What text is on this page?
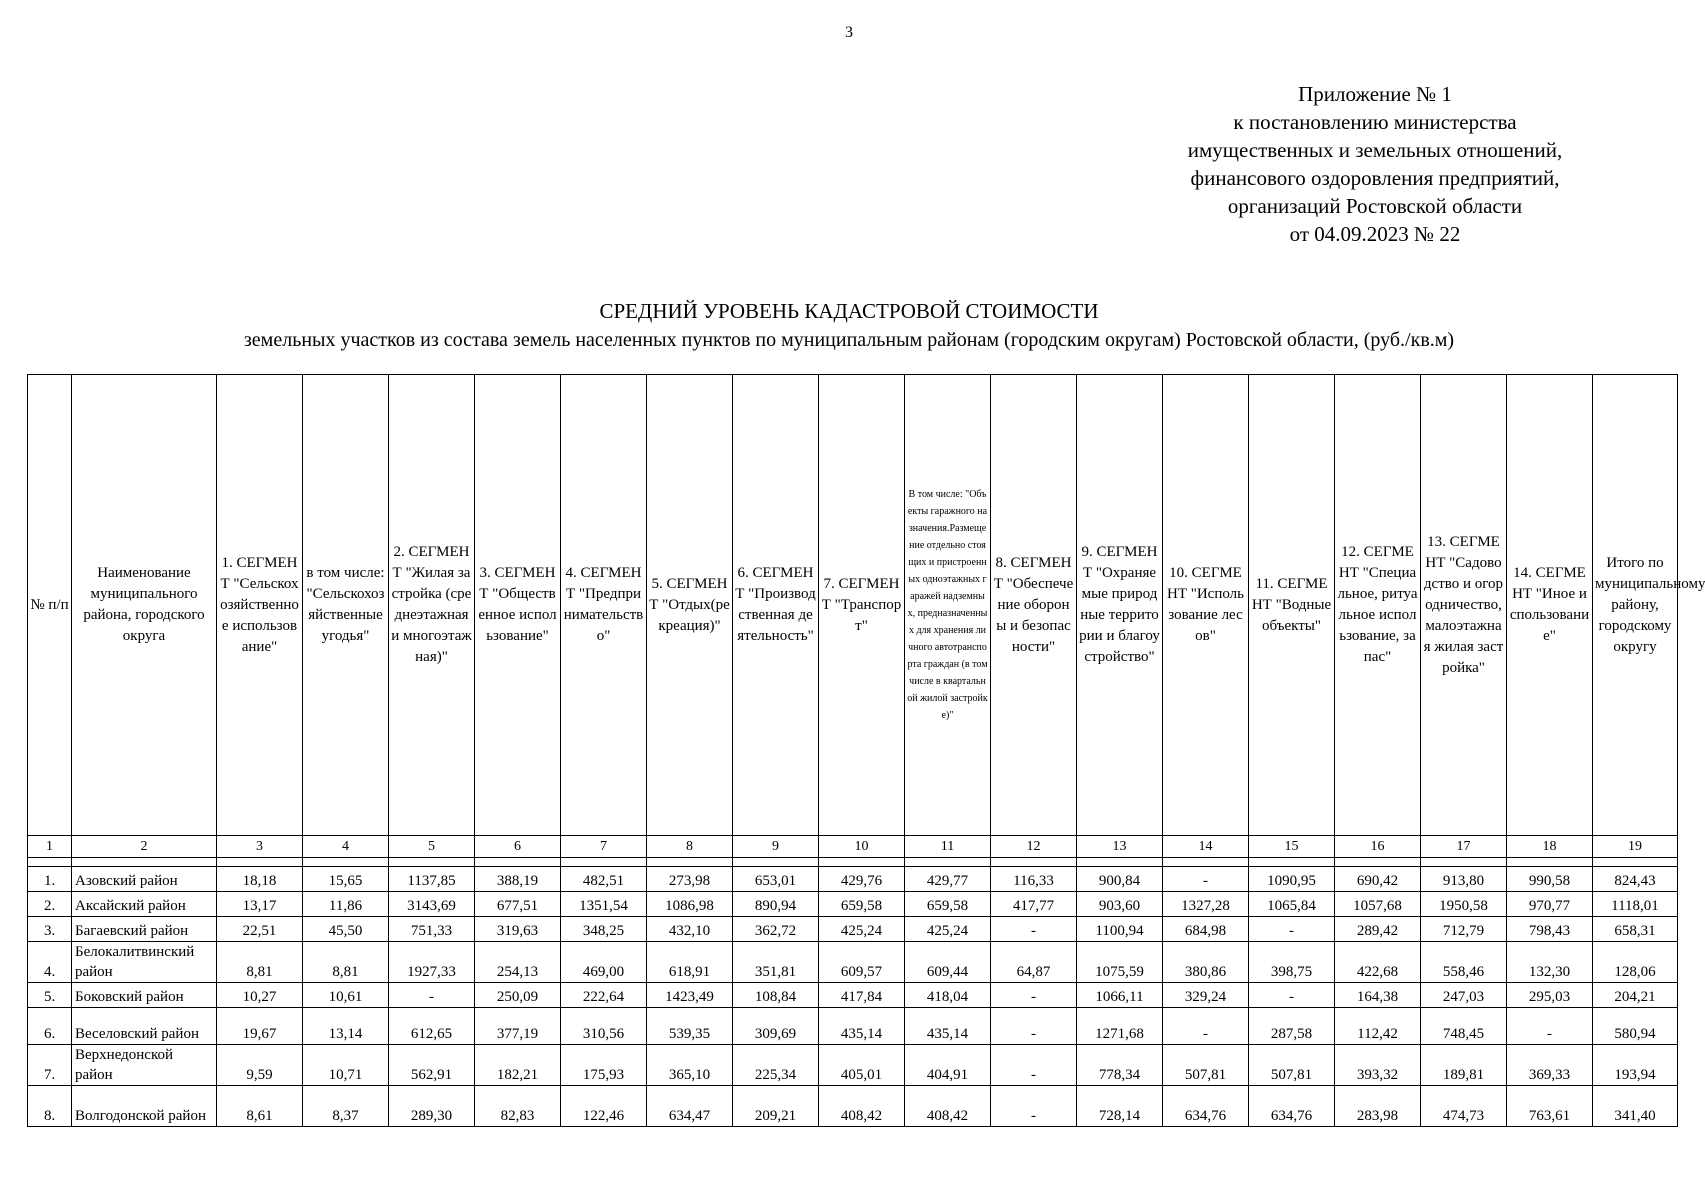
3
Приложение № 1
к постановлению министерства
имущественных и земельных отношений,
финансового оздоровления предприятий,
организаций Ростовской области
от 04.09.2023 № 22
СРЕДНИЙ УРОВЕНЬ КАДАСТРОВОЙ СТОИМОСТИ
земельных участков из состава земель населенных пунктов по муниципальным районам (городским округам) Ростовской области, (руб./кв.м)
№ п/п	Наименование муниципального района, городского округа	1. СЕГМЕНТ "Сельскохозяйственное использование"	в том числе: "Сельскохозяйственные угодья"	2. СЕГМЕНТ "Жилая застройка (среднеэтажная и многоэтажная)"	3. СЕГМЕНТ "Общественное использование"	4. СЕГМЕНТ "Предпринимательство"	5. СЕГМЕНТ "Отдых(рекреация)"	6. СЕГМЕНТ "Производственная деятельность"	7. СЕГМЕНТ "Транспорт"	В том числе: "Объекты гаражного назначения.Размещение отдельно стоящих и пристроенных одноэтажных гаражей надземных, предназначенных для хранения личного автотранспорта граждан (в том числе в квартальной жилой застройке)"	8. СЕГМЕНТ "Обеспечение обороны и безопасности"	9. СЕГМЕНТ "Охраняемые природные территории и благоустройство"	10. СЕГМЕНТ "Использование лесов"	11. СЕГМЕНТ "Водные объекты"	12. СЕГМЕНТ "Специальное, ритуальное использование, запас"	13. СЕГМЕНТ "Садоводство и огородничество, малоэтажная жилая застройка"	14. СЕГМЕНТ "Иное использование"	Итого по муниципальному району, городскому округу
1	2	3	4	5	6	7	8	9	10	11	12	13	14	15	16	17	18	19

1.	Азовский район	18,18	15,65	1137,85	388,19	482,51	273,98	653,01	429,76	429,77	116,33	900,84	-	1090,95	690,42	913,80	990,58	824,43
2.	Аксайский район	13,17	11,86	3143,69	677,51	1351,54	1086,98	890,94	659,58	659,58	417,77	903,60	1327,28	1065,84	1057,68	1950,58	970,77	1118,01
3.	Багаевский район	22,51	45,50	751,33	319,63	348,25	432,10	362,72	425,24	425,24	-	1100,94	684,98	-	289,42	712,79	798,43	658,31
4.	Белокалитвинский район	8,81	8,81	1927,33	254,13	469,00	618,91	351,81	609,57	609,44	64,87	1075,59	380,86	398,75	422,68	558,46	132,30	128,06
5.	Боковский район	10,27	10,61	-	250,09	222,64	1423,49	108,84	417,84	418,04	-	1066,11	329,24	-	164,38	247,03	295,03	204,21
6.	Веселовский район	19,67	13,14	612,65	377,19	310,56	539,35	309,69	435,14	435,14	-	1271,68	-	287,58	112,42	748,45	-	580,94
7.	Верхнедонской район	9,59	10,71	562,91	182,21	175,93	365,10	225,34	405,01	404,91	-	778,34	507,81	507,81	393,32	189,81	369,33	193,94
8.	Волгодонской район	8,61	8,37	289,30	82,83	122,46	634,47	209,21	408,42	408,42	-	728,14	634,76	634,76	283,98	474,73	763,61	341,40
